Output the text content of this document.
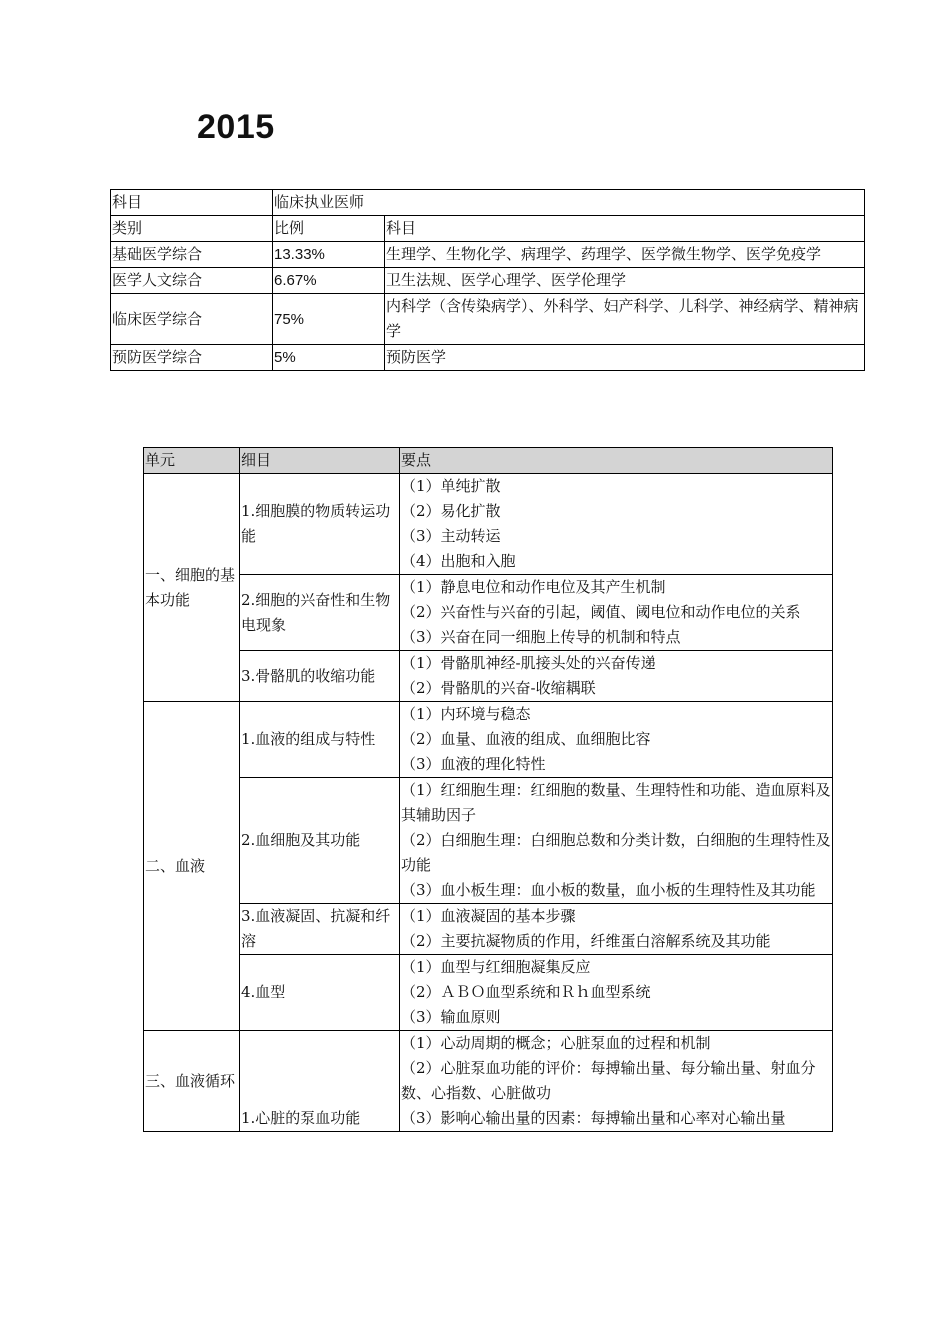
2015
科目	临床执业医师	
类别	比例	科目
基础医学综合	13.33%	生理学、生物化学、病理学、药理学、医学微生物学、医学免疫学
医学人文综合	6.67%	卫生法规、医学心理学、医学伦理学
临床医学综合	75%	内科学（含传染病学）、外科学、妇产科学、儿科学、神经病学、精神病学
预防医学综合	5%	预防医学
单元	细目	要点
一、细胞的基本功能	1.细胞膜的物质转运功能	（1）单纯扩散
（2）易化扩散
（3）主动转运
（4）出胞和入胞

	2.细胞的兴奋性和生物电现象	（1）静息电位和动作电位及其产生机制
（2）兴奋性与兴奋的引起，阈值、阈电位和动作电位的关系
（3）兴奋在同一细胞上传导的机制和特点

	3.骨骼肌的收缩功能	（1）骨骼肌神经-肌接头处的兴奋传递
（2）骨骼肌的兴奋-收缩耦联

二、血液	1.血液的组成与特性	（1）内环境与稳态
（2）血量、血液的组成、血细胞比容
（3）血液的理化特性

	2.血细胞及其功能	（1）红细胞生理：红细胞的数量、生理特性和功能、造血原料及其辅助因子
（2）白细胞生理：白细胞总数和分类计数，白细胞的生理特性及功能
（3）血小板生理：血小板的数量，血小板的生理特性及其功能

	3.血液凝固、抗凝和纤溶	（1）血液凝固的基本步骤
（2）主要抗凝物质的作用，纤维蛋白溶解系统及其功能

	4.血型	（1）血型与红细胞凝集反应
（2）ＡＢＯ血型系统和Ｒｈ血型系统
（3）输血原则

三、血液循环	1.心脏的泵血功能	（1）心动周期的概念；心脏泵血的过程和机制
（2）心脏泵血功能的评价：每搏输出量、每分输出量、射血分数、心指数、心脏做功
（3）影响心输出量的因素：每搏输出量和心率对心输出量
